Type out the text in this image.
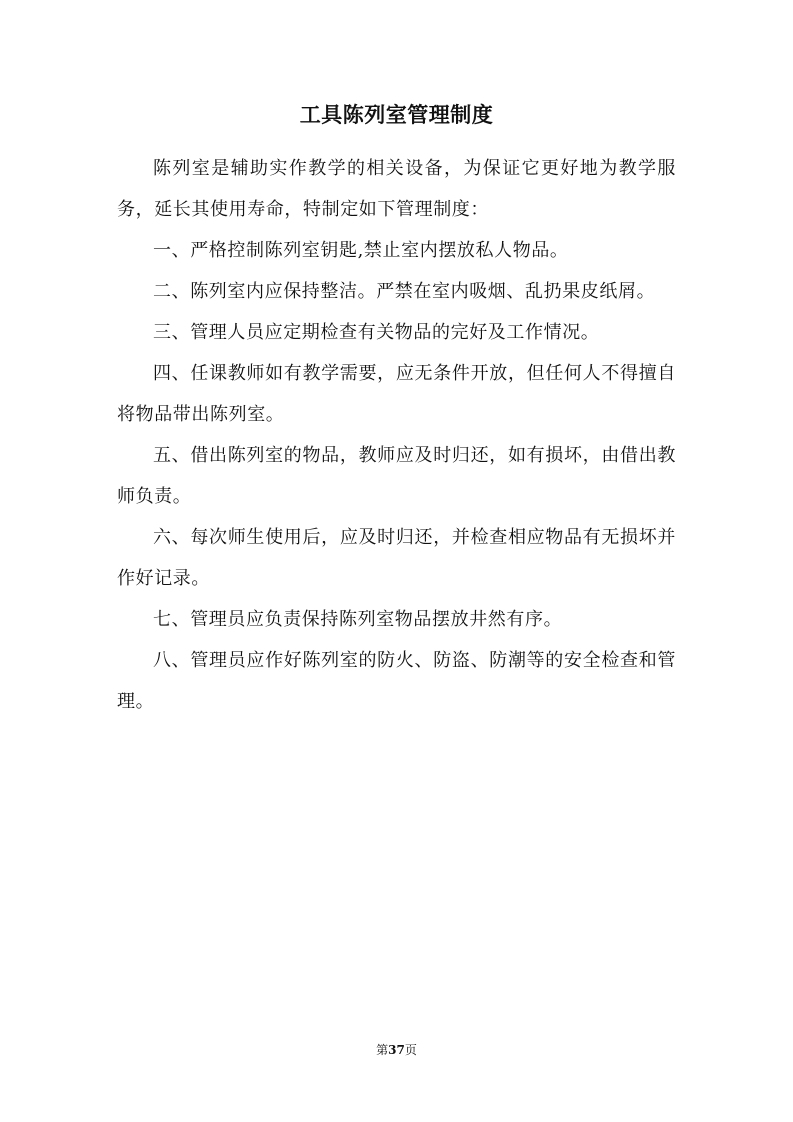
工具陈列室管理制度

陈列室是辅助实作教学的相关设备，为保证它更好地为教学服务，延长其使用寿命，特制定如下管理制度：

一、严格控制陈列室钥匙,禁止室内摆放私人物品。

二、陈列室内应保持整洁。严禁在室内吸烟、乱扔果皮纸屑。

三、管理人员应定期检查有关物品的完好及工作情况。

四、任课教师如有教学需要，应无条件开放，但任何人不得擅自将物品带出陈列室。

五、借出陈列室的物品，教师应及时归还，如有损坏，由借出教师负责。

六、每次师生使用后，应及时归还，并检查相应物品有无损坏并作好记录。

七、管理员应负责保持陈列室物品摆放井然有序。

八、管理员应作好陈列室的防火、防盗、防潮等的安全检查和管理。

第37页
